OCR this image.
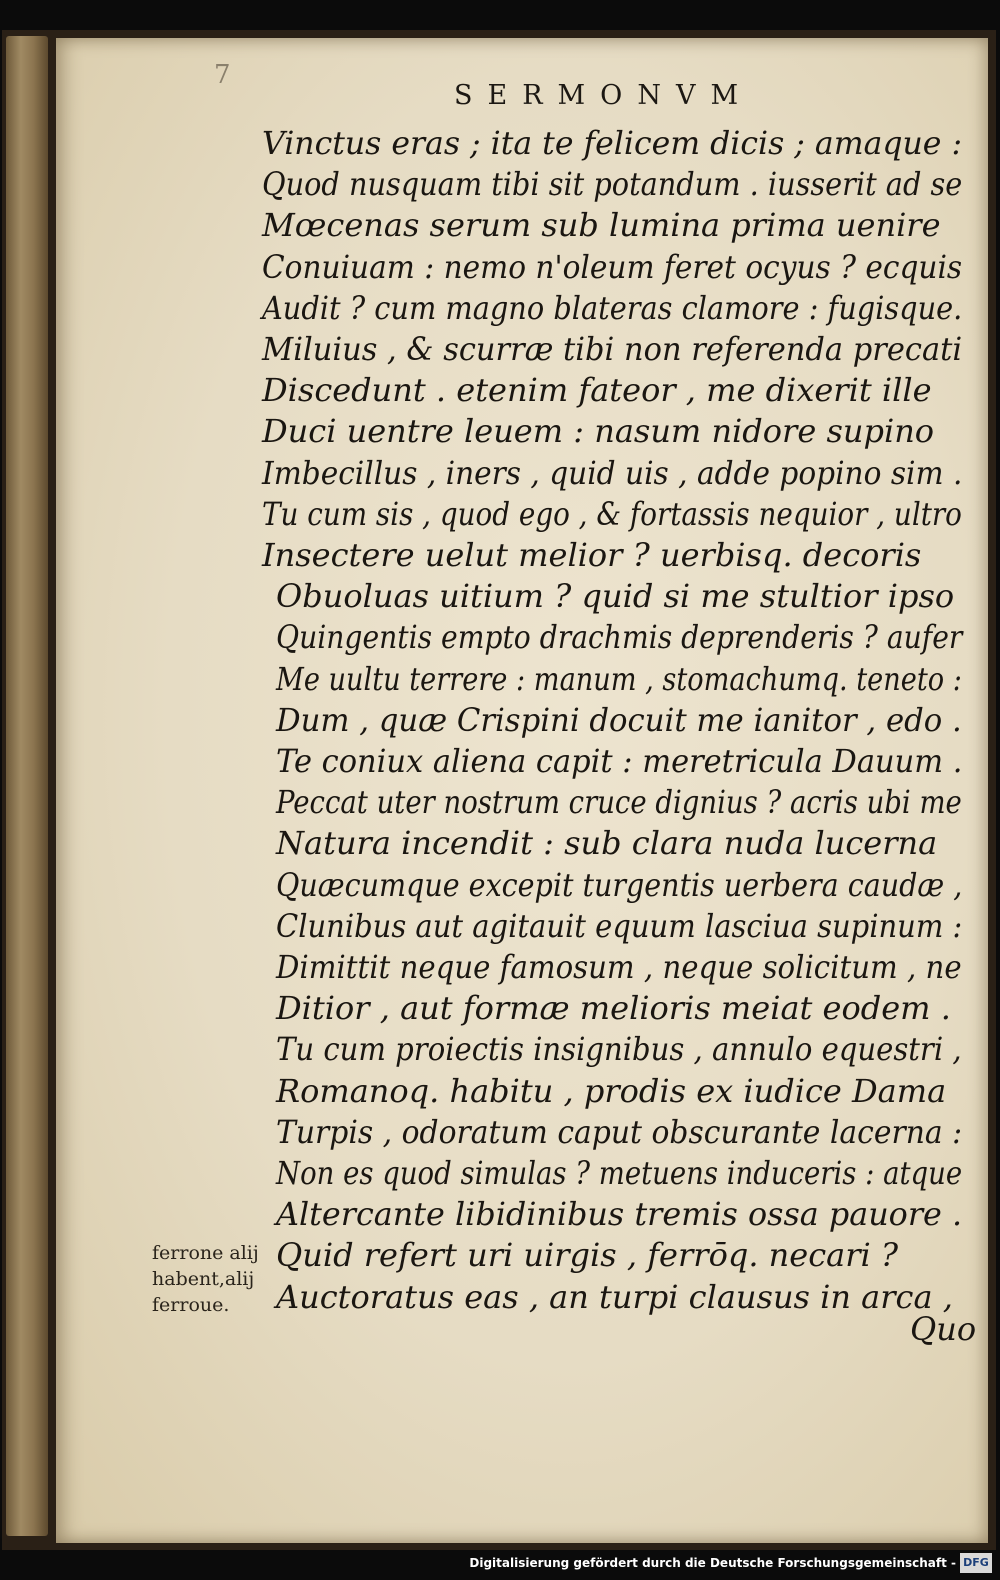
7
SERMONVM
Vinctus eras ; ita te felicem dicis ; amaque :
Quod nusquam tibi sit potandum . iusserit ad se
Mœcenas serum sub lumina prima uenire
Conuiuam : nemo n'oleum feret ocyus ? ecquis
Audit ? cum magno blateras clamore : fugisque.
Miluius , & scurræ tibi non referenda precati
Discedunt . etenim fateor , me dixerit ille
Duci uentre leuem : nasum nidore supino
Imbecillus , iners , quid uis , adde popino sim .
Tu cum sis , quod ego , & fortassis nequior , ultro
Insectere uelut melior ? uerbisq. decoris
Obuoluas uitium ? quid si me stultior ipso
Quingentis empto drachmis deprenderis ? aufer
Me uultu terrere : manum , stomachumq. teneto :
Dum , quæ Crispini docuit me ianitor , edo .
Te coniux aliena capit : meretricula Dauum .
Peccat uter nostrum cruce dignius ? acris ubi me
Natura incendit : sub clara nuda lucerna
Quæcumque excepit turgentis uerbera caudæ ,
Clunibus aut agitauit equum lasciua supinum :
Dimittit neque famosum , neque solicitum , ne
Ditior , aut formæ melioris meiat eodem .
Tu cum proiectis insignibus , annulo equestri ,
Romanoq. habitu , prodis ex iudice Dama
Turpis , odoratum caput obscurante lacerna :
Non es quod simulas ? metuens induceris : atque
Altercante libidinibus tremis ossa pauore .
Quid refert uri uirgis , ferrōq. necari ?
Auctoratus eas , an turpi clausus in arca ,
ferrone alij
habent,alij
ferroue.
Quo
Digitalisierung gefördert durch die Deutsche Forschungsgemeinschaft - DFG
